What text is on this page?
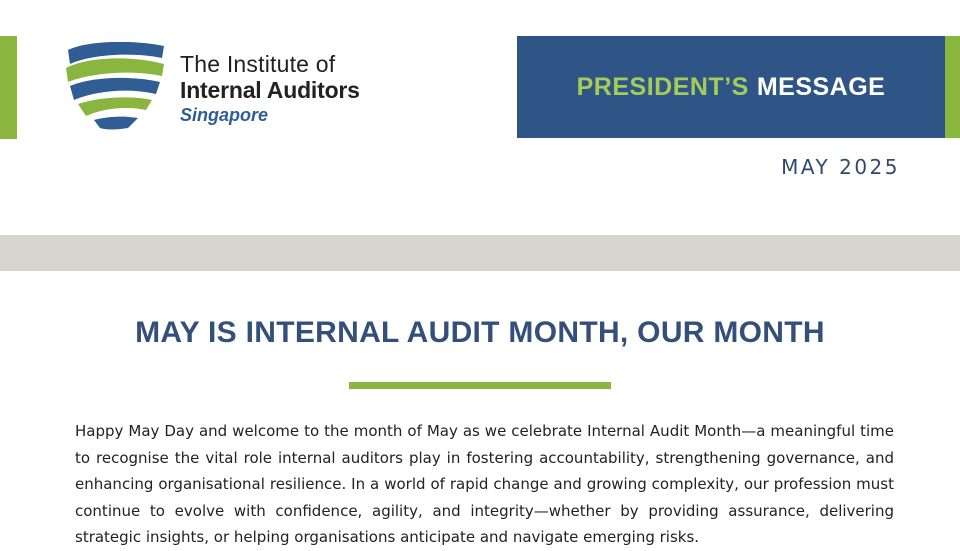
The Institute of
Internal Auditors
Singapore
PRESIDENT’S MESSAGE
MAY 2025
MAY IS INTERNAL AUDIT MONTH, OUR MONTH
Happy May Day and welcome to the month of May as we celebrate Internal Audit Month—a meaningful time to recognise the vital role internal auditors play in fostering accountability, strengthening governance, and enhancing organisational resilience. In a world of rapid change and growing complexity, our profession must continue to evolve with confidence, agility, and integrity—whether by providing assurance, delivering strategic insights, or helping organisations anticipate and navigate emerging risks.
